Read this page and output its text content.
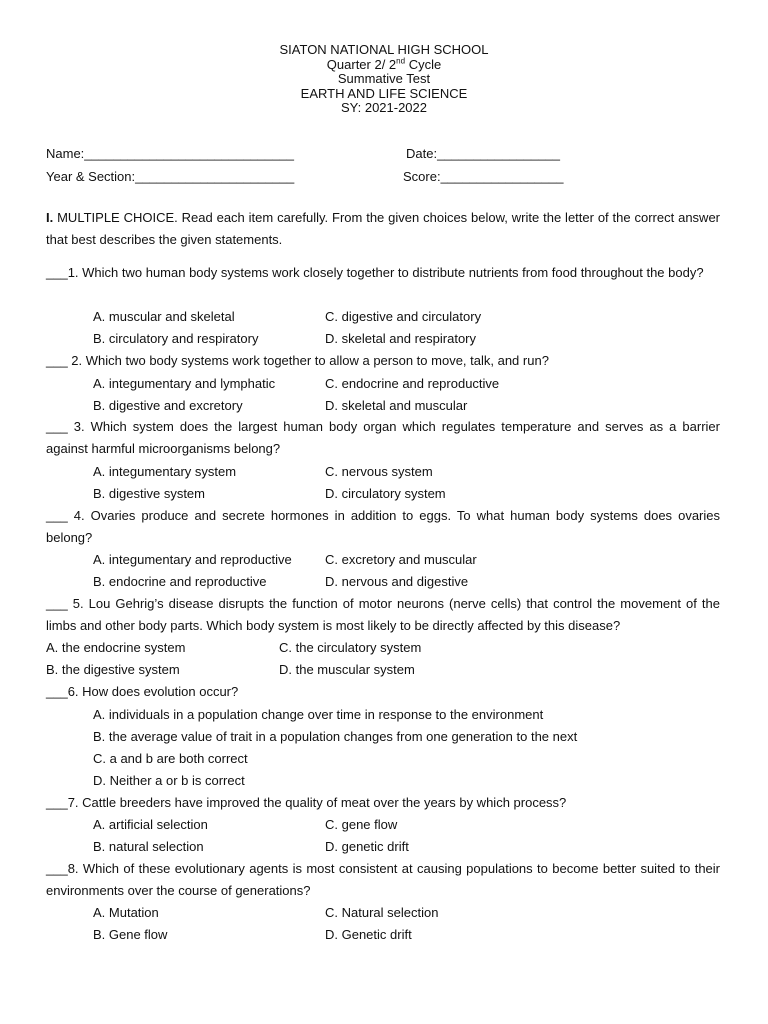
SIATON NATIONAL HIGH SCHOOL
Quarter 2/ 2nd Cycle
Summative Test
EARTH AND LIFE SCIENCE
SY: 2021-2022
Name:_____________________________	Date:_________________
Year & Section:______________________	Score:_________________
I. MULTIPLE CHOICE. Read each item carefully. From the given choices below, write the letter of the correct answer that best describes the given statements.
___1. Which two human body systems work closely together to distribute nutrients from food throughout the body?
A. muscular and skeletal	C. digestive and circulatory
B. circulatory and respiratory	D. skeletal and respiratory
___ 2. Which two body systems work together to allow a person to move, talk, and run?
A. integumentary and lymphatic	C. endocrine and reproductive
B. digestive and excretory	D. skeletal and muscular
___ 3. Which system does the largest human body organ which regulates temperature and serves as a barrier against harmful microorganisms belong?
A. integumentary system	C. nervous system
B. digestive system	D. circulatory system
___ 4. Ovaries produce and secrete hormones in addition to eggs. To what human body systems does ovaries belong?
A. integumentary and reproductive	C. excretory and muscular
B. endocrine and reproductive	D. nervous and digestive
___ 5. Lou Gehrig’s disease disrupts the function of motor neurons (nerve cells) that control the movement of the limbs and other body parts. Which body system is most likely to be directly affected by this disease?
A. the endocrine system	C. the circulatory system
B. the digestive system	D. the muscular system
___6. How does evolution occur?
A. individuals in a population change over time in response to the environment
B. the average value of trait in a population changes from one generation to the next
C. a and b are both correct
D. Neither a or b is correct
___7. Cattle breeders have improved the quality of meat over the years by which process?
A. artificial selection	C. gene flow
B. natural selection	D. genetic drift
___8. Which of these evolutionary agents is most consistent at causing populations to become better suited to their environments over the course of generations?
A. Mutation	C. Natural selection
B. Gene flow	D. Genetic drift
